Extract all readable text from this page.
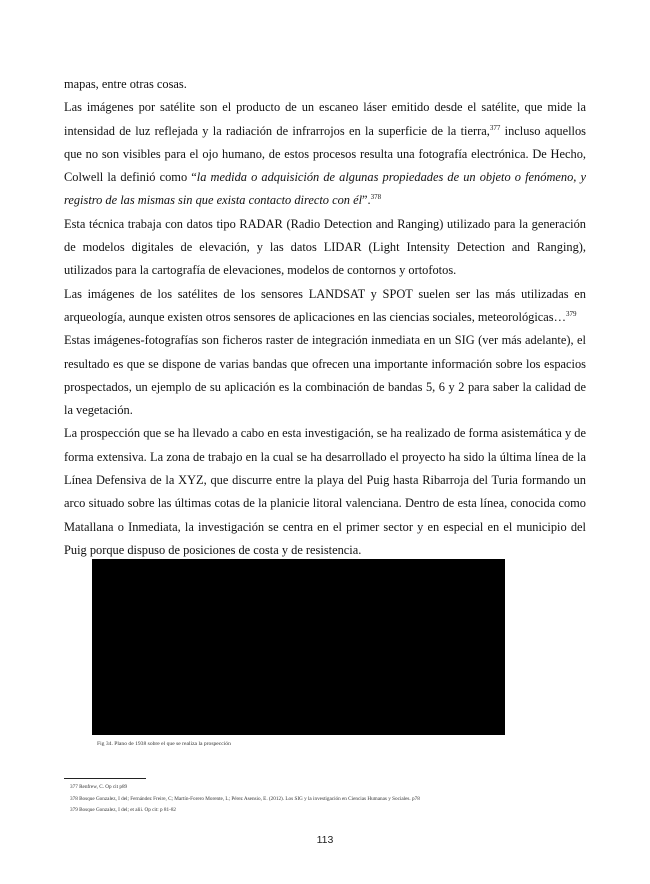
mapas, entre otras cosas.

Las imágenes por satélite son el producto de un escaneo láser emitido desde el satélite, que mide la intensidad de luz reflejada y la radiación de infrarrojos en la superficie de la tierra,$^{377}$ incluso aquellos que no son visibles para el ojo humano, de estos procesos resulta una fotografía electrónica. De Hecho, Colwell la definió como “la medida o adquisición de algunas propiedades de un objeto o fenómeno, y registro de las mismas sin que exista contacto directo con él”.$^{378}$

Esta técnica trabaja con datos tipo RADAR (Radio Detection and Ranging) utilizado para la generación de modelos digitales de elevación, y las datos LIDAR (Light Intensity Detection and Ranging), utilizados para la cartografía de elevaciones, modelos de contornos y ortofotos.

Las imágenes de los satélites de los sensores LANDSAT y SPOT suelen ser las más utilizadas en arqueología, aunque existen otros sensores de aplicaciones en las ciencias sociales, meteorológicas…$^{379}$

Estas imágenes-fotografías son ficheros raster de integración inmediata en un SIG (ver más adelante), el resultado es que se dispone de varias bandas que ofrecen una importante información sobre los espacios prospectados, un ejemplo de su aplicación es la combinación de bandas 5, 6 y 2 para saber la calidad de la vegetación.

La prospección que se ha llevado a cabo en esta investigación, se ha realizado de forma asistemática y de forma extensiva. La zona de trabajo en la cual se ha desarrollado el proyecto ha sido la última línea de la Línea Defensiva de la XYZ, que discurre entre la playa del Puig hasta Ribarroja del Turia formando un arco situado sobre las últimas cotas de la planicie litoral valenciana. Dentro de esta línea, conocida como Matallana o Inmediata, la investigación se centra en el primer sector y en especial en el municipio del Puig porque dispuso de posiciones de costa y de resistencia.

Fig 34. Plano de 1938 sobre el que se realiza la prospección

377 Renfrew, C. Op cit p89

378 Bosque Gonzalez, I del; Fernández Freire, C; Martín-Forero Morente, L; Pérez Asensio, E. (2012). Los SIG y la investigación en Ciencias Humanas y Sociales. p78

379 Bosque Gonzalez, I del; et alii. Op cit: p 81-82

113
